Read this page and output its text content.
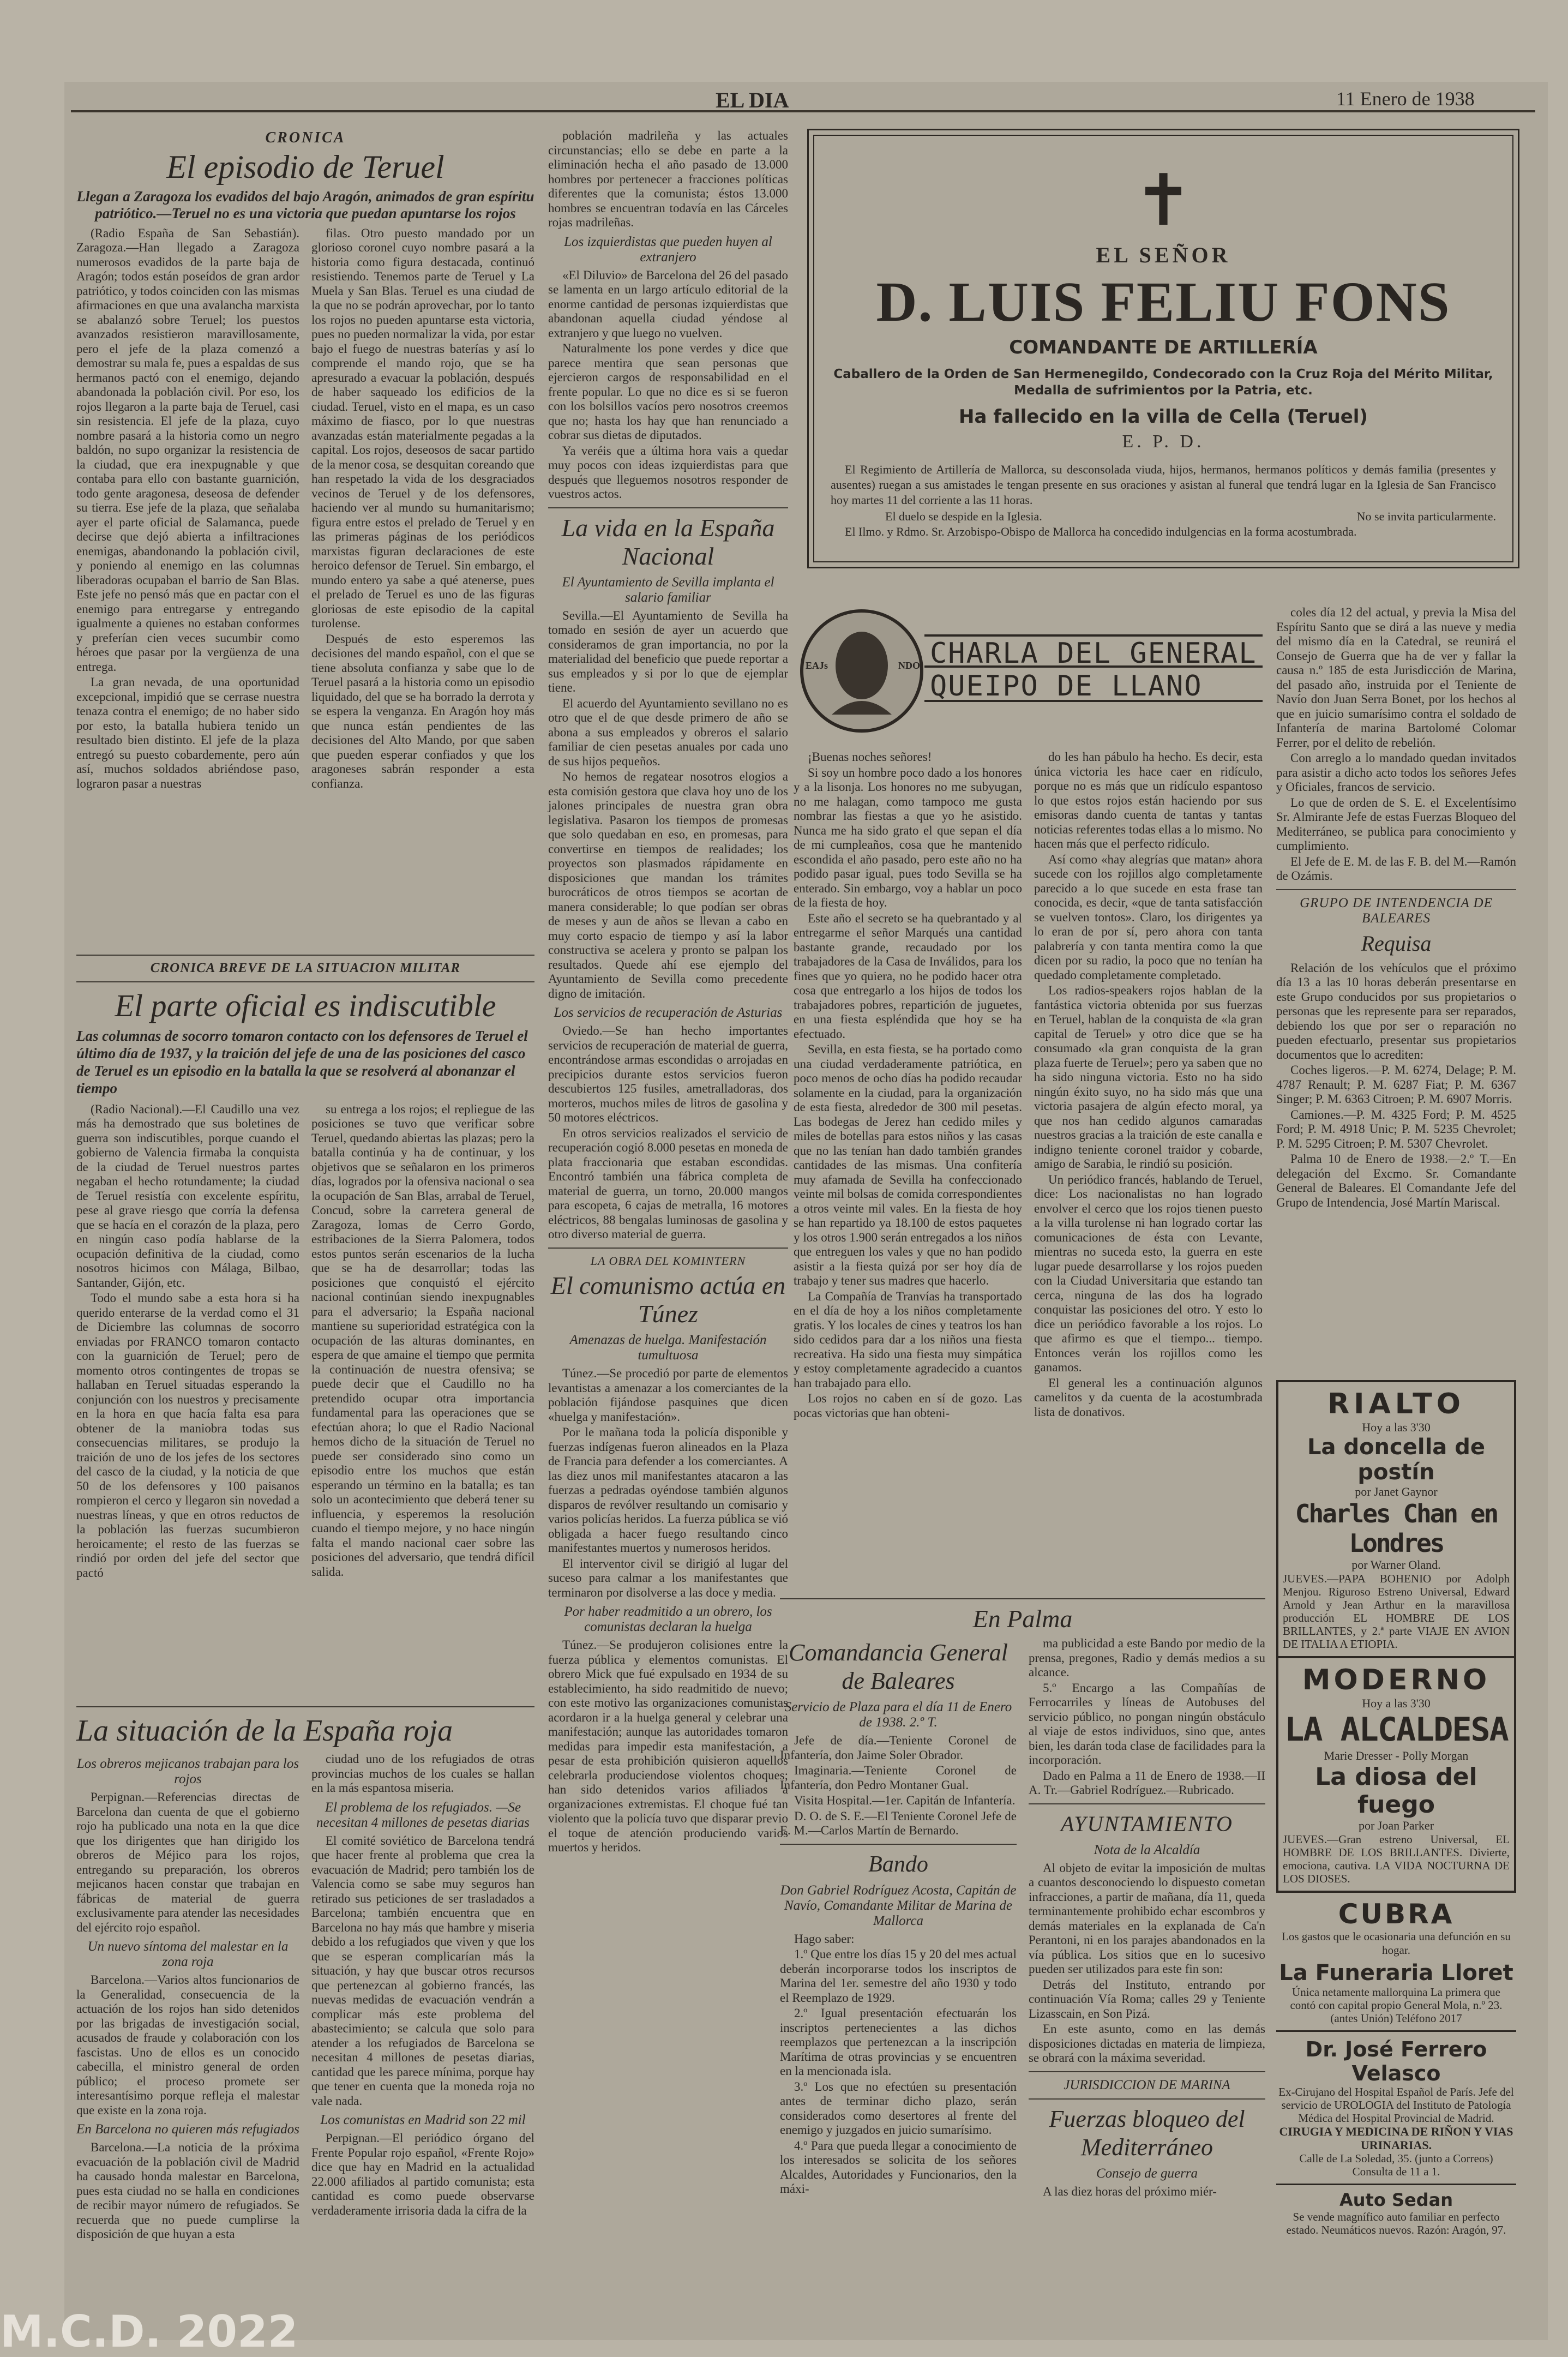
EL DIA	11 Enero de 1938
CRONICA
El episodio de Teruel
Llegan a Zaragoza los evadidos del bajo Aragón, animados de gran espíritu patriótico.—Teruel no es una victoria que puedan apuntarse los rojos

(Radio España de San Sebastián). Zaragoza.—Han llegado a Zaragoza numerosos evadidos de la parte baja de Aragón; todos están poseídos de gran ardor patriótico, y todos coinciden con las mismas afirmaciones en que una avalancha marxista se abalanzó sobre Teruel; los puestos avanzados resistieron maravillosamente, pero el jefe de la plaza comenzó a demostrar su mala fe, pues a espaldas de sus hermanos pactó con el enemigo, dejando abandonada la población civil. Por eso, los rojos llegaron a la parte baja de Teruel, casi sin resistencia. El jefe de la plaza, cuyo nombre pasará a la historia como un negro baldón, no supo organizar la resistencia de la ciudad, que era inexpugnable y que contaba para ello con bastante guarnición, todo gente aragonesa, deseosa de defender su tierra. Ese jefe de la plaza, que señalaba ayer el parte oficial de Salamanca, puede decirse que dejó abierta a infiltraciones enemigas, abandonando la población civil, y poniendo al enemigo en las columnas liberadoras ocupaban el barrio de San Blas. Este jefe no pensó más que en pactar con el enemigo para entregarse y entregando igualmente a quienes no estaban conformes y preferían cien veces sucumbir como héroes que pasar por la vergüenza de una entrega.

La gran nevada, de una oportunidad excepcional, impidió que se cerrase nuestra tenaza contra el enemigo; de no haber sido por esto, la batalla hubiera tenido un resultado bien distinto. El jefe de la plaza entregó su puesto cobardemente, pero aún así, muchos soldados abriéndose paso, lograron pasar a nuestras

filas. Otro puesto mandado por un glorioso coronel cuyo nombre pasará a la historia como figura destacada, continuó resistiendo. Tenemos parte de Teruel y La Muela y San Blas. Teruel es una ciudad de la que no se podrán aprovechar, por lo tanto los rojos no pueden apuntarse esta victoria, pues no pueden normalizar la vida, por estar bajo el fuego de nuestras baterías y así lo comprende el mando rojo, que se ha apresurado a evacuar la población, después de haber saqueado los edificios de la ciudad. Teruel, visto en el mapa, es un caso máximo de fiasco, por lo que nuestras avanzadas están materialmente pegadas a la capital. Los rojos, deseosos de sacar partido de la menor cosa, se desquitan coreando que han respetado la vida de los desgraciados vecinos de Teruel y de los defensores, haciendo ver al mundo su humanitarismo; figura entre estos el prelado de Teruel y en las primeras páginas de los periódicos marxistas figuran declaraciones de este heroico defensor de Teruel. Sin embargo, el mundo entero ya sabe a qué atenerse, pues el prelado de Teruel es uno de las figuras gloriosas de este episodio de la capital turolense.

Después de esto esperemos las decisiones del mando español, con el que se tiene absoluta confianza y sabe que lo de Teruel pasará a la historia como un episodio liquidado, del que se ha borrado la derrota y se espera la venganza. En Aragón hoy más que nunca están pendientes de las decisiones del Alto Mando, por que saben que pueden esperar confiados y que los aragoneses sabrán responder a esta confianza.

CRONICA BREVE DE LA SITUACION MILITAR
El parte oficial es indiscutible
Las columnas de socorro tomaron contacto con los defensores de Teruel el último día de 1937, y la traición del jefe de una de las posiciones del casco de Teruel es un episodio en la batalla la que se resolverá al abonanzar el tiempo

(Radio Nacional).—El Caudillo una vez más ha demostrado que sus boletines de guerra son indiscutibles, porque cuando el gobierno de Valencia firmaba la conquista de la ciudad de Teruel nuestros partes negaban el hecho rotundamente; la ciudad de Teruel resistía con excelente espíritu, pese al grave riesgo que corría la defensa que se hacía en el corazón de la plaza, pero en ningún caso podía hablarse de la ocupación definitiva de la ciudad, como nosotros hicimos con Málaga, Bilbao, Santander, Gijón, etc.

Todo el mundo sabe a esta hora si ha querido enterarse de la verdad como el 31 de Diciembre las columnas de socorro enviadas por FRANCO tomaron contacto con la guarnición de Teruel; pero de momento otros contingentes de tropas se hallaban en Teruel situadas esperando la conjunción con los nuestros y precisamente en la hora en que hacía falta esa para obtener de la maniobra todas sus consecuencias militares, se produjo la traición de uno de los jefes de los sectores del casco de la ciudad, y la noticia de que 50 de los defensores y 100 paisanos rompieron el cerco y llegaron sin novedad a nuestras líneas, y que en otros reductos de la población las fuerzas sucumbieron heroicamente; el resto de las fuerzas se rindió por orden del jefe del sector que pactó

su entrega a los rojos; el repliegue de las posiciones se tuvo que verificar sobre Teruel, quedando abiertas las plazas; pero la batalla continúa y ha de continuar, y los objetivos que se señalaron en los primeros días, logrados por la ofensiva nacional o sea la ocupación de San Blas, arrabal de Teruel, Concud, sobre la carretera general de Zaragoza, lomas de Cerro Gordo, estribaciones de la Sierra Palomera, todos estos puntos serán escenarios de la lucha que se ha de desarrollar; todas las posiciones que conquistó el ejército nacional continúan siendo inexpugnables para el adversario; la España nacional mantiene su superioridad estratégica con la ocupación de las alturas dominantes, en espera de que amaine el tiempo que permita la continuación de nuestra ofensiva; se puede decir que el Caudillo no ha pretendido ocupar otra importancia fundamental para las operaciones que se efectúan ahora; lo que el Radio Nacional hemos dicho de la situación de Teruel no puede ser considerado sino como un episodio entre los muchos que están esperando un término en la batalla; es tan solo un acontecimiento que deberá tener su influencia, y esperemos la resolución cuando el tiempo mejore, y no hace ningún falta el mando nacional caer sobre las posiciones del adversario, que tendrá difícil salida.

La situación de la España roja
Los obreros mejicanos trabajan para los rojos

Perpignan.—Referencias directas de Barcelona dan cuenta de que el gobierno rojo ha publicado una nota en la que dice que los dirigentes que han dirigido los obreros de Méjico para los rojos, entregando su preparación, los obreros mejicanos hacen constar que trabajan en fábricas de material de guerra exclusivamente para atender las necesidades del ejército rojo español.

Un nuevo síntoma del malestar en la zona roja

Barcelona.—Varios altos funcionarios de la Generalidad, consecuencia de la actuación de los rojos han sido detenidos por las brigadas de investigación social, acusados de fraude y colaboración con los fascistas. Uno de ellos es un conocido cabecilla, el ministro general de orden público; el proceso promete ser interesantísimo porque refleja el malestar que existe en la zona roja.

En Barcelona no quieren más refugiados

Barcelona.—La noticia de la próxima evacuación de la población civil de Madrid ha causado honda malestar en Barcelona, pues esta ciudad no se halla en condiciones de recibir mayor número de refugiados. Se recuerda que no puede cumplirse la disposición de que huyan a esta

ciudad uno de los refugiados de otras provincias muchos de los cuales se hallan en la más espantosa miseria.

El problema de los refugiados. —Se necesitan 4 millones de pesetas diarias

El comité soviético de Barcelona tendrá que hacer frente al problema que crea la evacuación de Madrid; pero también los de Valencia como se sabe muy seguros han retirado sus peticiones de ser trasladados a Barcelona; también encuentra que en Barcelona no hay más que hambre y miseria debido a los refugiados que viven y que los que se esperan complicarían más la situación, y hay que buscar otros recursos que pertenezcan al gobierno francés, las nuevas medidas de evacuación vendrán a complicar más este problema del abastecimiento; se calcula que solo para atender a los refugiados de Barcelona se necesitan 4 millones de pesetas diarias, cantidad que les parece mínima, porque hay que tener en cuenta que la moneda roja no vale nada.

Los comunistas en Madrid son 22 mil

Perpignan.—El periódico órgano del Frente Popular rojo español, «Frente Rojo» dice que hay en Madrid en la actualidad 22.000 afiliados al partido comunista; esta cantidad es como puede observarse verdaderamente irrisoria dada la cifra de la

población madrileña y las actuales circunstancias; ello se debe en parte a la eliminación hecha el año pasado de 13.000 hombres por pertenecer a fracciones políticas diferentes que la comunista; éstos 13.000 hombres se encuentran todavía en las Cárceles rojas madrileñas.

Los izquierdistas que pueden huyen al extranjero

«El Diluvio» de Barcelona del 26 del pasado se lamenta en un largo artículo editorial de la enorme cantidad de personas izquierdistas que abandonan aquella ciudad yéndose al extranjero y que luego no vuelven.

Naturalmente los pone verdes y dice que parece mentira que sean personas que ejercieron cargos de responsabilidad en el frente popular. Lo que no dice es si se fueron con los bolsillos vacíos pero nosotros creemos que no; hasta los hay que han renunciado a cobrar sus dietas de diputados.

Ya veréis que a última hora vais a quedar muy pocos con ideas izquierdistas para que después que lleguemos nosotros responder de vuestros actos.

La vida en la España Nacional
El Ayuntamiento de Sevilla implanta el salario familiar

Sevilla.—El Ayuntamiento de Sevilla ha tomado en sesión de ayer un acuerdo que consideramos de gran importancia, no por la materialidad del beneficio que puede reportar a sus empleados y si por lo que de ejemplar tiene.

El acuerdo del Ayuntamiento sevillano no es otro que el de que desde primero de año se abona a sus empleados y obreros el salario familiar de cien pesetas anuales por cada uno de sus hijos pequeños.

No hemos de regatear nosotros elogios a esta comisión gestora que clava hoy uno de los jalones principales de nuestra gran obra legislativa. Pasaron los tiempos de promesas que solo quedaban en eso, en promesas, para convertirse en tiempos de realidades; los proyectos son plasmados rápidamente en disposiciones que mandan los trámites burocráticos de otros tiempos se acortan de manera considerable; lo que podían ser obras de meses y aun de años se llevan a cabo en muy corto espacio de tiempo y así la labor constructiva se acelera y pronto se palpan los resultados. Quede ahí ese ejemplo del Ayuntamiento de Sevilla como precedente digno de imitación.

Los servicios de recuperación de Asturias

Oviedo.—Se han hecho importantes servicios de recuperación de material de guerra, encontrándose armas escondidas o arrojadas en precipicios durante estos servicios fueron descubiertos 125 fusiles, ametralladoras, dos morteros, muchos miles de litros de gasolina y 50 motores eléctricos.

En otros servicios realizados el servicio de recuperación cogió 8.000 pesetas en moneda de plata fraccionaria que estaban escondidas. Encontró también una fábrica completa de material de guerra, un torno, 20.000 mangos para escopeta, 6 cajas de metralla, 16 motores eléctricos, 88 bengalas luminosas de gasolina y otro diverso material de guerra.

LA OBRA DEL KOMINTERN
El comunismo actúa en Túnez
Amenazas de huelga. Manifestación tumultuosa

Túnez.—Se procedió por parte de elementos levantistas a amenazar a los comerciantes de la población fijándose pasquines que dicen «huelga y manifestación».

Por le mañana toda la policía disponible y fuerzas indígenas fueron alineados en la Plaza de Francia para defender a los comerciantes. A las diez unos mil manifestantes atacaron a las fuerzas a pedradas oyéndose también algunos disparos de revólver resultando un comisario y varios policías heridos. La fuerza pública se vió obligada a hacer fuego resultando cinco manifestantes muertos y numerosos heridos.

El interventor civil se dirigió al lugar del suceso para calmar a los manifestantes que terminaron por disolverse a las doce y media.

Por haber readmitido a un obrero, los comunistas declaran la huelga

Túnez.—Se produjeron colisiones entre la fuerza pública y elementos comunistas. El obrero Mick que fué expulsado en 1934 de su establecimiento, ha sido readmitido de nuevo; con este motivo las organizaciones comunistas acordaron ir a la huelga general y celebrar una manifestación; aunque las autoridades tomaron medidas para impedir esta manifestación, a pesar de esta prohibición quisieron aquellos celebrarla produciendose violentos choques; han sido detenidos varios afiliados a organizaciones extremistas. El choque fué tan violento que la policía tuvo que disparar previo el toque de atención produciendo varios muertos y heridos.

✝
EL SEÑOR
D. LUIS FELIU FONS
COMANDANTE DE ARTILLERÍA
Caballero de la Orden de San Hermenegildo, Condecorado con la Cruz Roja del Mérito Militar, Medalla de sufrimientos por la Patria, etc.
Ha fallecido en la villa de Cella (Teruel)
E. P. D.

El Regimiento de Artillería de Mallorca, su desconsolada viuda, hijos, hermanos, hermanos políticos y demás familia (presentes y ausentes) ruegan a sus amistades le tengan presente en sus oraciones y asistan al funeral que tendrá lugar en la Iglesia de San Francisco hoy martes 11 del corriente a las 11 horas.

El duelo se despide en la Iglesia.	No se invita particularmente.

El Ilmo. y Rdmo. Sr. Arzobispo-Obispo de Mallorca ha concedido indulgencias en la forma acostumbrada.

EAJs	NDO CHARLA DEL GENERAL
QUEIPO DE LLANO

¡Buenas noches señores!

Si soy un hombre poco dado a los honores y a la lisonja. Los honores no me subyugan, no me halagan, como tampoco me gusta nombrar las fiestas a que yo he asistido. Nunca me ha sido grato el que sepan el día de mi cumpleaños, cosa que he mantenido escondida el año pasado, pero este año no ha podido pasar igual, pues todo Sevilla se ha enterado. Sin embargo, voy a hablar un poco de la fiesta de hoy.

Este año el secreto se ha quebrantado y al entregarme el señor Marqués una cantidad bastante grande, recaudado por los trabajadores de la Casa de Inválidos, para los fines que yo quiera, no he podido hacer otra cosa que entregarlo a los hijos de todos los trabajadores pobres, repartición de juguetes, en una fiesta espléndida que hoy se ha efectuado.

Sevilla, en esta fiesta, se ha portado como una ciudad verdaderamente patriótica, en poco menos de ocho días ha podido recaudar solamente en la ciudad, para la organización de esta fiesta, alrededor de 300 mil pesetas. Las bodegas de Jerez han cedido miles y miles de botellas para estos niños y las casas que no las tenían han dado también grandes cantidades de las mismas. Una confitería muy afamada de Sevilla ha confeccionado veinte mil bolsas de comida correspondientes a otros veinte mil vales. En la fiesta de hoy se han repartido ya 18.100 de estos paquetes y los otros 1.900 serán entregados a los niños que entreguen los vales y que no han podido asistir a la fiesta quizá por ser hoy día de trabajo y tener sus madres que hacerlo.

La Compañía de Tranvías ha transportado en el día de hoy a los niños completamente gratis. Y los locales de cines y teatros los han sido cedidos para dar a los niños una fiesta recreativa. Ha sido una fiesta muy simpática y estoy completamente agradecido a cuantos han trabajado para ello.

Los rojos no caben en sí de gozo. Las pocas victorias que han obteni-

do les han pábulo ha hecho. Es decir, esta única victoria les hace caer en ridículo, porque no es más que un ridículo espantoso lo que estos rojos están haciendo por sus emisoras dando cuenta de tantas y tantas noticias referentes todas ellas a lo mismo. No hacen más que el perfecto ridículo.

Así como «hay alegrías que matan» ahora sucede con los rojillos algo completamente parecido a lo que sucede en esta frase tan conocida, es decir, «que de tanta satisfacción se vuelven tontos». Claro, los dirigentes ya lo eran de por sí, pero ahora con tanta palabrería y con tanta mentira como la que dicen por su radio, la poco que no tenían ha quedado completamente completado.

Los radios-speakers rojos hablan de la fantástica victoria obtenida por sus fuerzas en Teruel, hablan de la conquista de «la gran capital de Teruel» y otro dice que se ha consumado «la gran conquista de la gran plaza fuerte de Teruel»; pero ya saben que no ha sido ninguna victoria. Esto no ha sido ningún éxito suyo, no ha sido más que una victoria pasajera de algún efecto moral, ya que nos han cedido algunos camaradas nuestros gracias a la traición de este canalla e indigno teniente coronel traidor y cobarde, amigo de Sarabia, le rindió su posición.

Un periódico francés, hablando de Teruel, dice: Los nacionalistas no han logrado envolver el cerco que los rojos tienen puesto a la villa turolense ni han logrado cortar las comunicaciones de ésta con Levante, mientras no suceda esto, la guerra en este lugar puede desarrollarse y los rojos pueden con la Ciudad Universitaria que estando tan cerca, ninguna de las dos ha logrado conquistar las posiciones del otro. Y esto lo dice un periódico favorable a los rojos. Lo que afirmo es que el tiempo... tiempo. Entonces verán los rojillos como les ganamos.

El general les a continuación algunos camelitos y da cuenta de la acostumbrada lista de donativos.

coles día 12 del actual, y previa la Misa del Espíritu Santo que se dirá a las nueve y media del mismo día en la Catedral, se reunirá el Consejo de Guerra que ha de ver y fallar la causa n.º 185 de esta Jurisdicción de Marina, del pasado año, instruida por el Teniente de Navío don Juan Serra Bonet, por los hechos al que en juicio sumarísimo contra el soldado de Infantería de marina Bartolomé Colomar Ferrer, por el delito de rebelión.

Con arreglo a lo mandado quedan invitados para asistir a dicho acto todos los señores Jefes y Oficiales, francos de servicio.

Lo que de orden de S. E. el Excelentísimo Sr. Almirante Jefe de estas Fuerzas Bloqueo del Mediterráneo, se publica para conocimiento y cumplimiento.

El Jefe de E. M. de las F. B. del M.—Ramón de Ozámis.

GRUPO DE INTENDENCIA DE BALEARES
Requisa

Relación de los vehículos que el próximo día 13 a las 10 horas deberán presentarse en este Grupo conducidos por sus propietarios o personas que les represente para ser reparados, debiendo los que por ser o reparación no pueden efectuarlo, presentar sus propietarios documentos que lo acrediten:

Coches ligeros.—P. M. 6274, Delage; P. M. 4787 Renault; P. M. 6287 Fiat; P. M. 6367 Singer; P. M. 6363 Citroen; P. M. 6907 Morris.

Camiones.—P. M. 4325 Ford; P. M. 4525 Ford; P. M. 4918 Unic; P. M. 5235 Chevrolet; P. M. 5295 Citroen; P. M. 5307 Chevrolet.

Palma 10 de Enero de 1938.—2.º T.—En delegación del Excmo. Sr. Comandante General de Baleares. El Comandante Jefe del Grupo de Intendencia, José Martín Mariscal.

En Palma
Comandancia General de Baleares
Servicio de Plaza para el día 11 de Enero de 1938. 2.º T.

Jefe de día.—Teniente Coronel de Infantería, don Jaime Soler Obrador.

Imaginaria.—Teniente Coronel de Infantería, don Pedro Montaner Gual.

Visita Hospital.—1er. Capitán de Infantería.

D. O. de S. E.—El Teniente Coronel Jefe de E. M.—Carlos Martín de Bernardo.

Bando
Don Gabriel Rodríguez Acosta, Capitán de Navío, Comandante Militar de Marina de Mallorca

Hago saber:

1.º Que entre los días 15 y 20 del mes actual deberán incorporarse todos los inscriptos de Marina del 1er. semestre del año 1930 y todo el Reemplazo de 1929.

2.º Igual presentación efectuarán los inscriptos pertenecientes a las dichos reemplazos que pertenezcan a la inscripción Marítima de otras provincias y se encuentren en la mencionada isla.

3.º Los que no efectúen su presentación antes de terminar dicho plazo, serán considerados como desertores al frente del enemigo y juzgados en juicio sumarísimo.

4.º Para que pueda llegar a conocimiento de los interesados se solicita de los señores Alcaldes, Autoridades y Funcionarios, den la máxi-

ma publicidad a este Bando por medio de la prensa, pregones, Radio y demás medios a su alcance.

5.º Encargo a las Compañías de Ferrocarriles y líneas de Autobuses del servicio público, no pongan ningún obstáculo al viaje de estos individuos, sino que, antes bien, les darán toda clase de facilidades para la incorporación.

Dado en Palma a 11 de Enero de 1938.—II A. Tr.—Gabriel Rodríguez.—Rubricado.

AYUNTAMIENTO
Nota de la Alcaldía

Al objeto de evitar la imposición de multas a cuantos desconociendo lo dispuesto cometan infracciones, a partir de mañana, día 11, queda terminantemente prohibido echar escombros y demás materiales en la explanada de Ca'n Perantoni, ni en los parajes abandonados en la vía pública. Los sitios que en lo sucesivo pueden ser utilizados para este fin son:

Detrás del Instituto, entrando por continuación Vía Roma; calles 29 y Teniente Lizasscain, en Son Pizá.

En este asunto, como en las demás disposiciones dictadas en materia de limpieza, se obrará con la máxima severidad.

JURISDICCION DE MARINA
Fuerzas bloqueo del Mediterráneo
Consejo de guerra

A las diez horas del próximo miér-

RIALTO
Hoy a las 3'30
La doncella de postín
por Janet Gaynor
Charles Chan en Londres
por Warner Oland.
JUEVES.—PAPA BOHENIO por Adolph Menjou. Riguroso Estreno Universal, Edward Arnold y Jean Arthur en la maravillosa producción EL HOMBRE DE LOS BRILLANTES, y 2.ª parte VIAJE EN AVION DE ITALIA A ETIOPIA.
MODERNO
Hoy a las 3'30
LA ALCALDESA
Marie Dresser - Polly Morgan
La diosa del fuego
por Joan Parker
JUEVES.—Gran estreno Universal, EL HOMBRE DE LOS BRILLANTES. Divierte, emociona, cautiva. LA VIDA NOCTURNA DE LOS DIOSES.
CUBRA
Los gastos que le ocasionaria una defunción en su hogar.
La Funeraria Lloret
Única netamente mallorquina La primera que contó con capital propio General Mola, n.º 23. (antes Unión) Teléfono 2017
Dr. José Ferrero Velasco
Ex-Cirujano del Hospital Español de París. Jefe del servicio de UROLOGIA del Instituto de Patología Médica del Hospital Provincial de Madrid.
CIRUGIA Y MEDICINA DE RIÑON Y VIAS URINARIAS.
Calle de La Soledad, 35. (junto a Correos) Consulta de 11 a 1.
Auto Sedan
Se vende magnífico auto familiar en perfecto estado. Neumáticos nuevos. Razón: Aragón, 97.
M.C.D. 2022
